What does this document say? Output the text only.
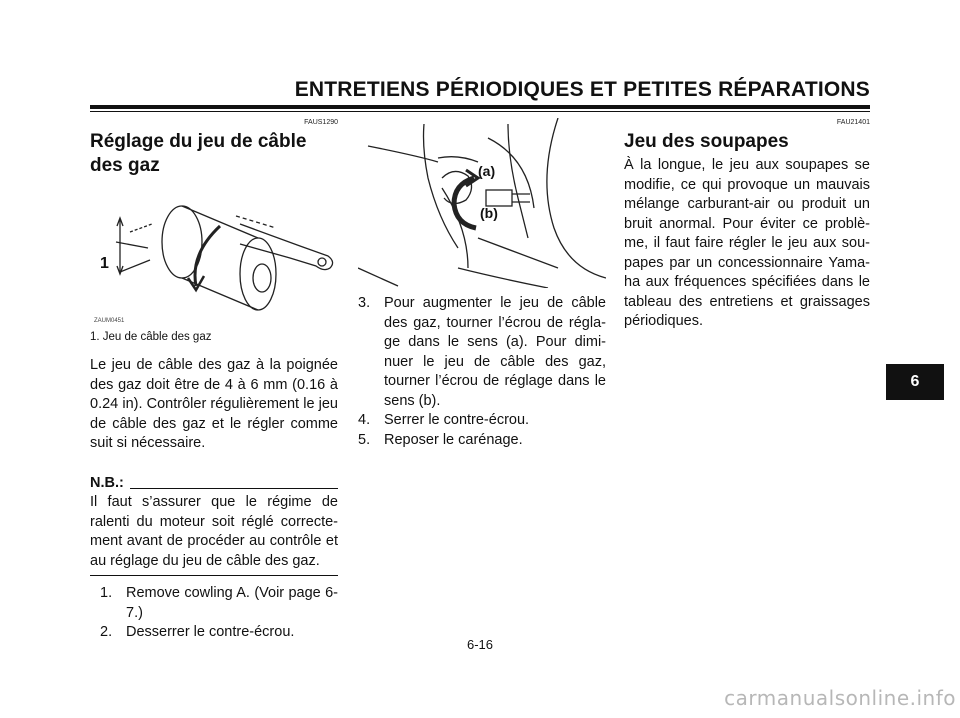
ENTRETIENS PÉRIODIQUES ET PETITES RÉPARATIONS
FAUS1290
Réglage du jeu de câble des gaz
1
ZAUM0451
1. Jeu de câble des gaz

Le jeu de câble des gaz à la poignée des gaz doit être de 4 à 6 mm (0.16 à 0.24 in). Contrôler régulièrement le jeu de câble des gaz et le régler comme suit si nécessaire.

N.B.:

Il faut s’assurer que le régime de ralenti du moteur soit réglé correcte-ment avant de procéder au contrôle et au réglage du jeu de câble des gaz.

1. Remove cowling A. (Voir page 6-7.)
2. Desserrer le contre-écrou.
(a)
(b)
3. Pour augmenter le jeu de câble des gaz, tourner l’écrou de régla-ge dans le sens (a). Pour dimi-nuer le jeu de câble des gaz, tourner l’écrou de réglage dans le sens (b).
4. Serrer le contre-écrou.
5. Reposer le carénage.
FAU21401
Jeu des soupapes

À la longue, le jeu aux soupapes se modifie, ce qui provoque un mauvais mélange carburant-air ou produit un bruit anormal. Pour éviter ce problè-me, il faut faire régler le jeu aux sou-papes par un concessionnaire Yama-ha aux fréquences spécifiées dans le tableau des entretiens et graissages périodiques.

6
6-16
carmanualsonline.info
